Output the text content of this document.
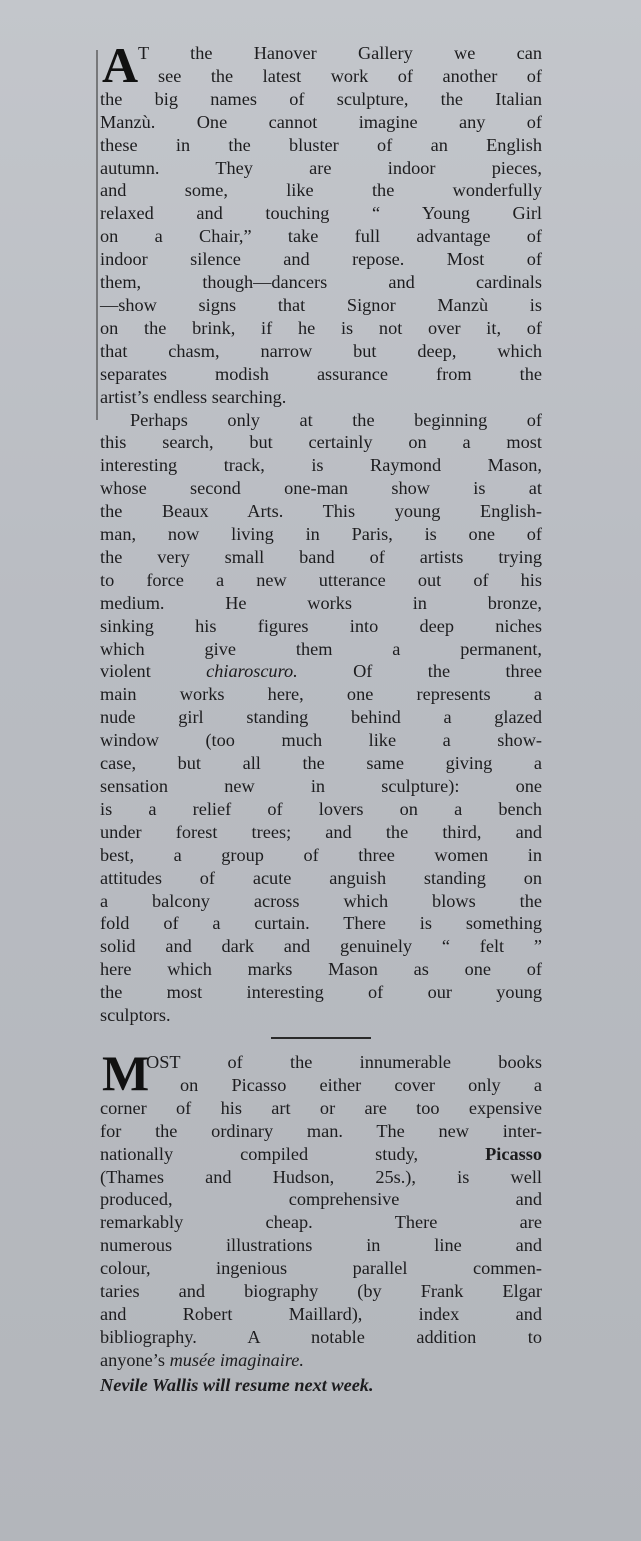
A T the Hanover Gallery we can
see the latest work of another of
the big names of sculpture, the Italian
Manzù. One cannot imagine any of
these in the bluster of an English
autumn. They are indoor pieces,
and some, like the wonderfully
relaxed and touching “ Young Girl
on a Chair,” take full advantage of
indoor silence and repose. Most of
them, though—dancers and cardinals
—show signs that Signor Manzù is
on the brink, if he is not over it, of
that chasm, narrow but deep, which
separates modish assurance from the
artist’s endless searching.
Perhaps only at the beginning of
this search, but certainly on a most
interesting track, is Raymond Mason,
whose second one-man show is at
the Beaux Arts. This young English-
man, now living in Paris, is one of
the very small band of artists trying
to force a new utterance out of his
medium. He works in bronze,
sinking his figures into deep niches
which give them a permanent,
violent	chiaroscuro.	Of the three
main works here, one represents a
nude girl standing behind a glazed
window (too much like a show-
case, but all the same giving a
sensation new in sculpture): one
is a relief of lovers on a bench
under forest trees; and the third, and
best, a group of three women in
attitudes of acute anguish standing on
a balcony across which blows the
fold of a curtain. There is something
solid and dark and genuinely “ felt ”
here which marks Mason as one of
the most interesting of our young
sculptors.
M
OST of the innumerable books
on Picasso either cover only a
corner of his art or are too expensive
for the ordinary man. The new inter-
nationally compiled study,	Picasso
(Thames and Hudson, 25s.), is well
produced, comprehensive and
remarkably cheap. There are
numerous illustrations in line and
colour, ingenious parallel commen-
taries and biography (by Frank Elgar
and Robert Maillard), index and
bibliography. A notable addition to
anyone’s musée imaginaire.
Nevile Wallis will resume next week.
